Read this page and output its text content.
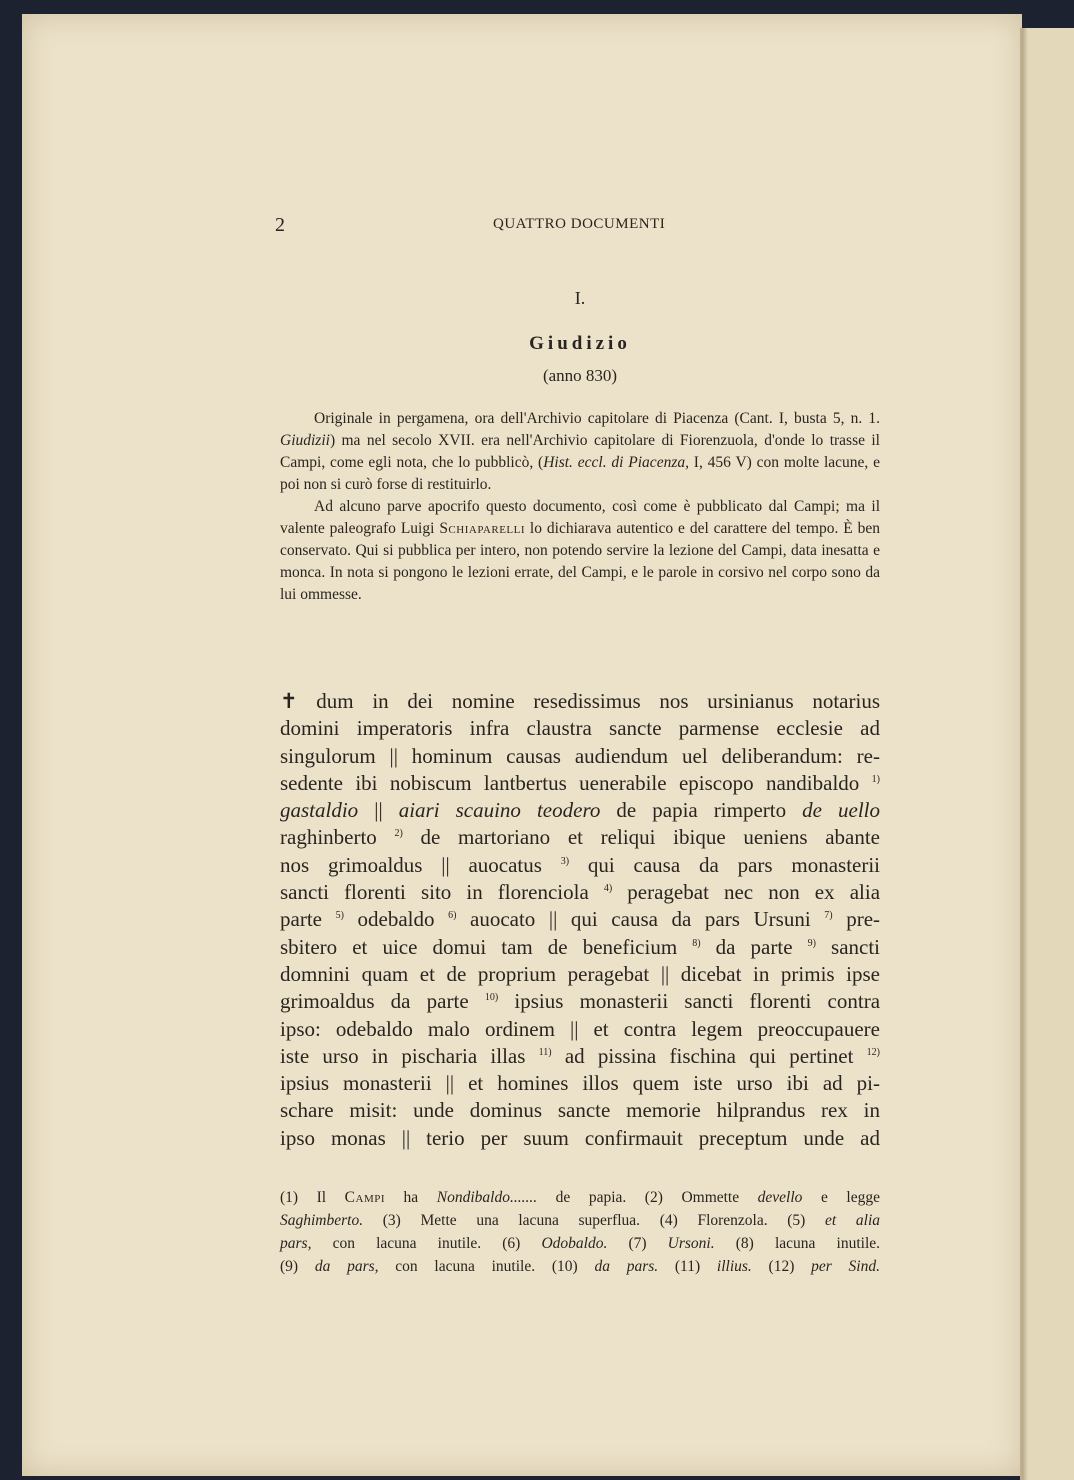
2	QUATTRO DOCUMENTI
I.
Giudizio
(anno 830)

Originale in pergamena, ora dell'Archivio capitolare di Piacenza (Cant. I, busta 5, n. 1. Giudizii) ma nel secolo XVII. era nell'Archivio capitolare di Fiorenzuola, d'onde lo trasse il Campi, come egli nota, che lo pubblicò, (Hist. eccl. di Piacenza, I, 456 V) con molte lacune, e poi non si curò forse di restituirlo.

Ad alcuno parve apocrifo questo documento, così come è pubblicato dal Campi; ma il valente paleografo Luigi Schiaparelli lo dichiarava autentico e del carattere del tempo. È ben conservato. Qui si pubblica per intero, non potendo servire la lezione del Campi, data inesatta e monca. In nota si pongono le lezioni errate, del Campi, e le parole in corsivo nel corpo sono da lui ommesse.

✝ dum in dei nomine resedissimus nos ursinianus notarius
domini imperatoris infra claustra sancte parmense ecclesie ad
singulorum || hominum causas audiendum uel deliberandum: re-
sedente ibi nobiscum lantbertus uenerabile episcopo nandibaldo $^{1)}$
gastaldio || aiari scauino teodero de papia rimperto de uello
raghinberto $^{2)}$ de martoriano et reliqui ibique ueniens abante
nos grimoaldus || auocatus $^{3)}$ qui causa da pars monasterii
sancti florenti sito in florenciola $^{4)}$ peragebat nec non ex alia
parte $^{5)}$ odebaldo $^{6)}$ auocato || qui causa da pars Ursuni $^{7)}$ pre-
sbitero et uice domui tam de beneficium $^{8)}$ da parte $^{9)}$ sancti
domnini quam et de proprium peragebat || dicebat in primis ipse
grimoaldus da parte $^{10)}$ ipsius monasterii sancti florenti contra
ipso: odebaldo malo ordinem || et contra legem preoccupauere
iste urso in pischaria illas $^{11)}$ ad pissina fischina qui pertinet $^{12)}$
ipsius monasterii || et homines illos quem iste urso ibi ad pi-
schare misit: unde dominus sancte memorie hilprandus rex in
ipso monas || terio per suum confirmauit preceptum unde ad
(1) Il Campi ha Nondibaldo....... de papia. (2) Ommette devello e legge
Saghimberto. (3) Mette una lacuna superflua. (4) Florenzola. (5) et alia
pars, con lacuna inutile. (6) Odobaldo. (7) Ursoni. (8) lacuna inutile.
(9) da pars, con lacuna inutile. (10) da pars. (11) illius. (12) per Sind.
